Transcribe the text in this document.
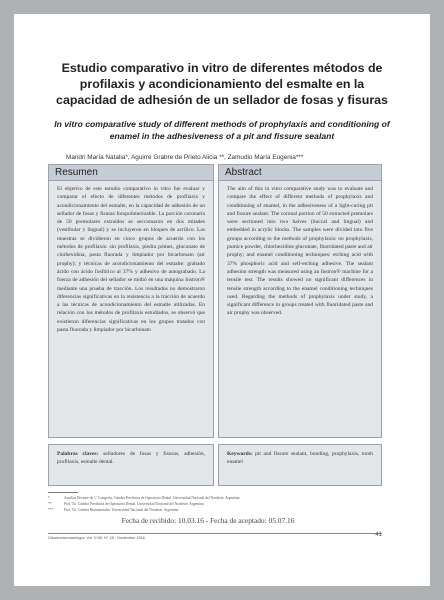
Estudio comparativo in vitro de diferentes métodos de profilaxis y acondicionamiento del esmalte en la capacidad de adhesión de un sellador de fosas y fisuras
In vitro comparative study of different methods of prophylaxis and conditioning of enamel in the adhesiveness of a pit and fissure sealant
Mandri María Natalia*, Aguirre Grabre de Prieto Alicia **, Zamudio María Eugenia***
Resumen
El objetivo de este estudio comparativo in vitro fue evaluar y comparar el efecto de diferentes métodos de profilaxis y acondicionamiento del esmalte, en la capacidad de adhesión de un sellador de fosas y fisuras fotopolimerizable. La porción coronaria de 50 premolares extraídos se seccionaron en dos mitades (vestibular y lingual) y se incluyeron en bloques de acrílico. Las muestras se dividieron en cinco grupos de acuerdo con los métodos de profilaxis: sin profilaxis, piedra pómez, gluconato de clorhexidina, pasta fluorada y limpiador por bicarbonato (air prophy); y técnicas de acondicionamiento del esmalte: grabado ácido con ácido fosfórico al 37% y adhesivo de autograbado. La fuerza de adhesión del sellador se midió en una máquina Instron® mediante una prueba de tracción. Los resultados no demostraron diferencias significativas en la resistencia a la tracción de acuerdo a las técnicas de acondicionamiento del esmalte utilizadas. En relación con los métodos de profilaxis estudiados, se observó que existieron diferencias significativas en los grupos tratados con pasta fluorada y limpiador por bicarbonato
Abstract
The aim of this in vitro comparative study was to evaluate and compare the effect of different methods of prophylaxis and conditioning of enamel, in the adhesiveness of a light-curing pit and fissure sealant. The coronal portion of 50 extracted premolars were sectioned into two halves (buccal and lingual) and embedded in acrylic blocks. The samples were divided into five groups according to the methods of prophylaxis: no prophylaxis, pumice powder, chlorhexidine gluconate, fluoridated paste and air prophy; and enamel conditioning techniques: etching acid with 37% phosphoric acid and self-etching adhesive. The sealant adhesion strength was measured using an Instron® machine for a tensile test. The results showed no significant differences in tensile strength according to the enamel conditioning techniques used. Regarding the methods of prophylaxis under study, a significant difference in groups treated with fluoridated paste and air prophy was observed.
Palabras claves: selladores de fosas y fisuras, adhesión, profilaxis, esmalte dental.
Keywords: pit and fissure sealant, bonding, prophylaxis, tooth enamel
*	Auxiliar Docente de 1º Categoría. Cátedra Preclínica de Operatoria Dental. Universidad Nacional del Nordeste. Argentina.
**	Prof. Tit. Cátedra Preclínica de Operatoria Dental. Universidad Nacional del Nordeste. Argentina.
***	Prof. Tit. Cátedra Biomateriales. Universidad Nacional del Nordeste. Argentina.
Fecha de recibido: 10.03.16 - Fecha de aceptado: 05.07.16
Odontoestomatología. Vol. XVIII, N° 28 - Noviembre 2016	41
